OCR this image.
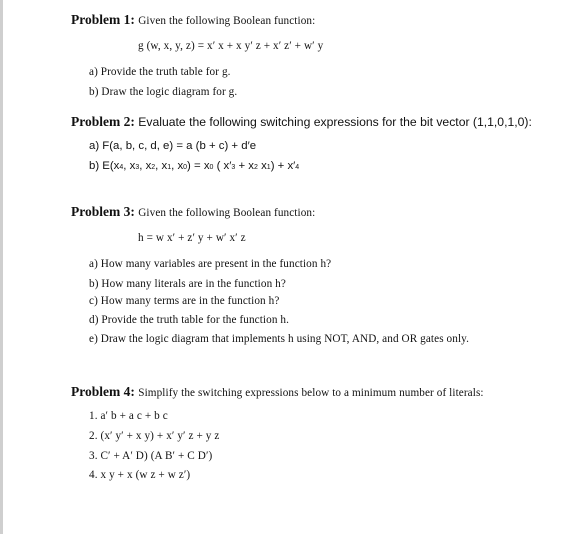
Problem 1: Given the following Boolean function:
g (w, x, y, z) = x′ x + x y′ z + x′ z′ + w′ y
a) Provide the truth table for g.
b) Draw the logic diagram for g.
Problem 2: Evaluate the following switching expressions for the bit vector (1,1,0,1,0):
a) F(a, b, c, d, e) = a (b + c) + d′e
b) E(x4, x3, x2, x1, x0) = x0 ( x′3 + x2 x1) + x′4
Problem 3: Given the following Boolean function:
h = w x′ + z′ y + w′ x′ z
a) How many variables are present in the function h?
b) How many literals are in the function h?
c) How many terms are in the function h?
d) Provide the truth table for the function h.
e) Draw the logic diagram that implements h using NOT, AND, and OR gates only.
Problem 4: Simplify the switching expressions below to a minimum number of literals:
1. a′ b + a c + b c
2. (x′ y′ + x y) + x′ y′ z + y z
3. C′ + A′ D) (A B′ + C D′)
4. x y + x (w z + w z′)
